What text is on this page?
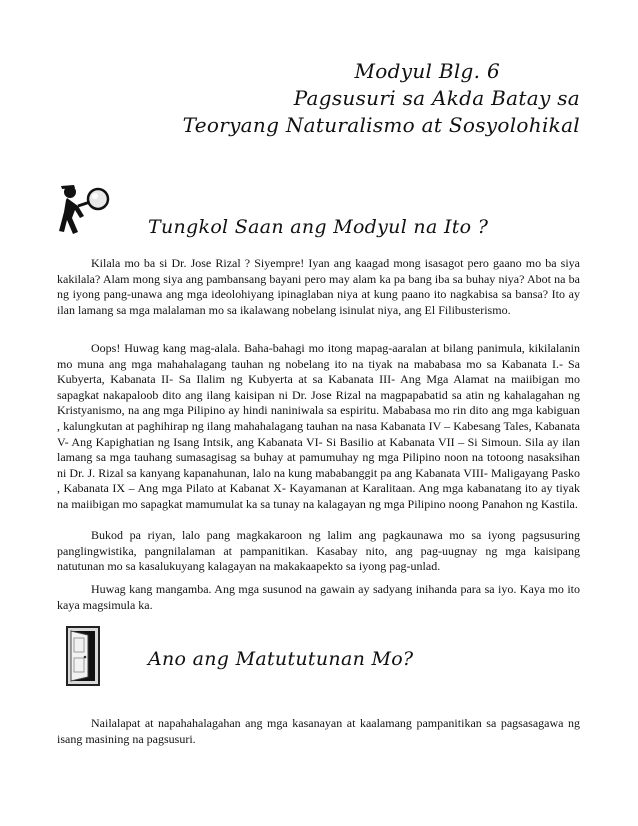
Modyul Blg. 6
Pagsusuri sa Akda Batay sa
Teoryang Naturalismo at Sosyolohikal
Tungkol Saan ang Modyul na Ito ?

Kilala mo ba si Dr. Jose Rizal ? Siyempre! Iyan ang kaagad mong isasagot pero gaano mo ba siya kakilala? Alam mong siya ang pambansang bayani pero may alam ka pa bang iba sa buhay niya? Abot na ba ng iyong pang-unawa ang mga ideolohiyang ipinaglaban niya at kung paano ito nagkabisa sa bansa? Ito ay ilan lamang sa mga malalaman mo sa ikalawang nobelang isinulat niya, ang El Filibusterismo.

Oops! Huwag kang mag-alala. Baha-bahagi mo itong mapag-aaralan at bilang panimula, kikilalanin mo muna ang mga mahahalagang tauhan ng nobelang ito na tiyak na mababasa mo sa Kabanata I.- Sa Kubyerta, Kabanata II- Sa Ilalim ng Kubyerta at sa Kabanata III- Ang Mga Alamat na maiibigan mo sapagkat nakapaloob dito ang ilang kaisipan ni Dr. Jose Rizal na magpapabatid sa atin ng kahalagahan ng Kristyanismo, na ang mga Pilipino ay hindi naniniwala sa espiritu. Mababasa mo rin dito ang mga kabiguan , kalungkutan at paghihirap ng ilang mahahalagang tauhan na nasa Kabanata IV – Kabesang Tales, Kabanata V- Ang Kapighatian ng Isang Intsik, ang Kabanata VI- Si Basilio at Kabanata VII – Si Simoun. Sila ay ilan lamang sa mga tauhang sumasagisag sa buhay at pamumuhay ng mga Pilipino noon na totoong nasaksihan ni Dr. J. Rizal sa kanyang kapanahunan, lalo na kung mababanggit pa ang Kabanata VIII- Maligayang Pasko , Kabanata IX – Ang mga Pilato at Kabanat X- Kayamanan at Karalitaan. Ang mga kabanatang ito ay tiyak na maiibigan mo sapagkat mamumulat ka sa tunay na kalagayan ng mga Pilipino noong Panahon ng Kastila.

Bukod pa riyan, lalo pang magkakaroon ng lalim ang pagkaunawa mo sa iyong pagsusuring panglingwistika, pangnilalaman at pampanitikan. Kasabay nito, ang pag-uugnay ng mga kaisipang natutunan mo sa kasalukuyang kalagayan na makakaapekto sa iyong pag-unlad.

Huwag kang mangamba. Ang mga susunod na gawain ay sadyang inihanda para sa iyo. Kaya mo ito kaya magsimula ka.

Ano ang Matututunan Mo?

Nailalapat at napahahalagahan ang mga kasanayan at kaalamang pampanitikan sa pagsasagawa ng isang masining na pagsusuri.
